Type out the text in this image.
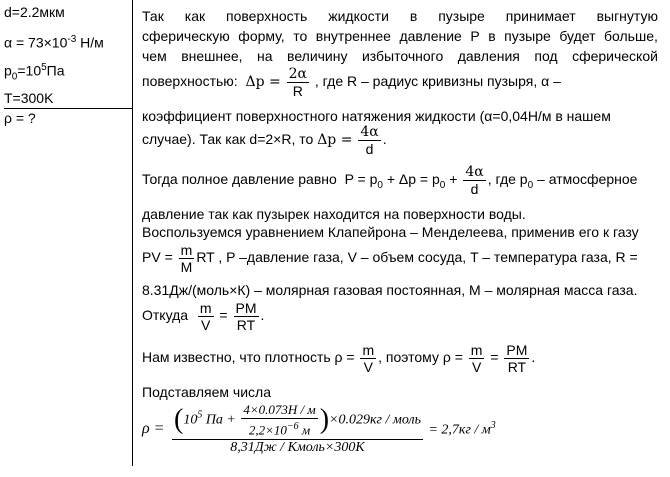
d=2.2мкм
$\alpha = 73\times 10^{-3}$ Н/м
$p_0=10^5Па$
T=300K
ρ = ?
Так как поверхность жидкости в пузыре принимает выгнутую
сферическую форму, то внутреннее давление P в пузыре будет больше,
чем внешнее, на величину избыточного давления под сферической
поверхностью: $\Delta p = \frac{2\alpha}{R}$ , где R – радиус кривизны пузыря, α –
коэффициент поверхностного натяжения жидкости (α=0,04Н/м в нашем
случае). Так как d=2×R, то $\Delta p = \frac{4\alpha}{d}$ .
Тогда полное давление равно $P = p_0 + \Delta p = p_0 + \frac{4\alpha}{d}$ , где $p_0$ – атмосферное
давление так как пузырек находится на поверхности воды.
Воспользуемся уравнением Клапейрона – Менделеева, применив его к газу
PV = $\frac{m}{M}$ RT , P –давление газа, V – объем сосуда, T – температура газа, R =
8.31Дж/(моль×К) – молярная газовая постоянная, M – молярная масса газа.
Откуда $\frac{m}{V} = \frac{PM}{RT}$ .
Нам известно, что плотность $\rho = \frac{m}{V}$ , поэтому $\rho = \frac{m}{V} = \frac{PM}{RT}$ .
Подставляем числа
$\rho = \frac{(10^5 Па + \frac{4\times 0.073Н / м}{2,2\times 10^{-6} м} )\times 0.029кг / моль}{\text{8,31Дж / Кмоль×300К}} = 2,7кг / м^3$
